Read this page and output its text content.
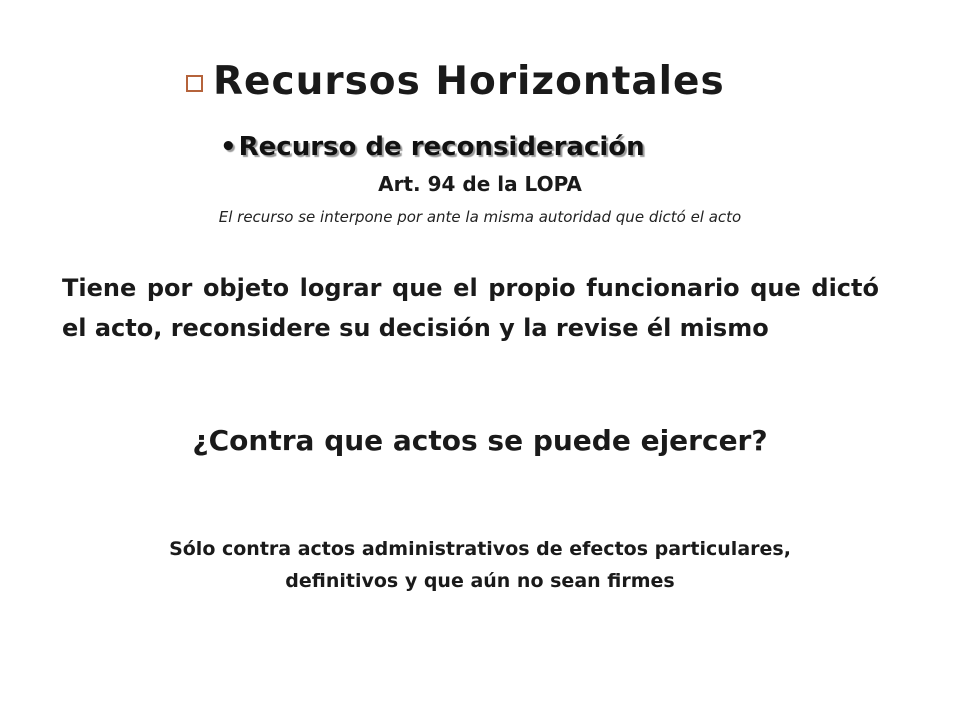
Recursos Horizontales
• Recurso de reconsideración
Art. 94 de la LOPA
El recurso se interpone por ante la misma autoridad que dictó el acto
Tiene por objeto lograr que el propio funcionario que dictó el acto, reconsidere su decisión y la revise él mismo
¿Contra que actos se puede ejercer?
Sólo contra actos administrativos de efectos particulares,
definitivos y que aún no sean firmes
